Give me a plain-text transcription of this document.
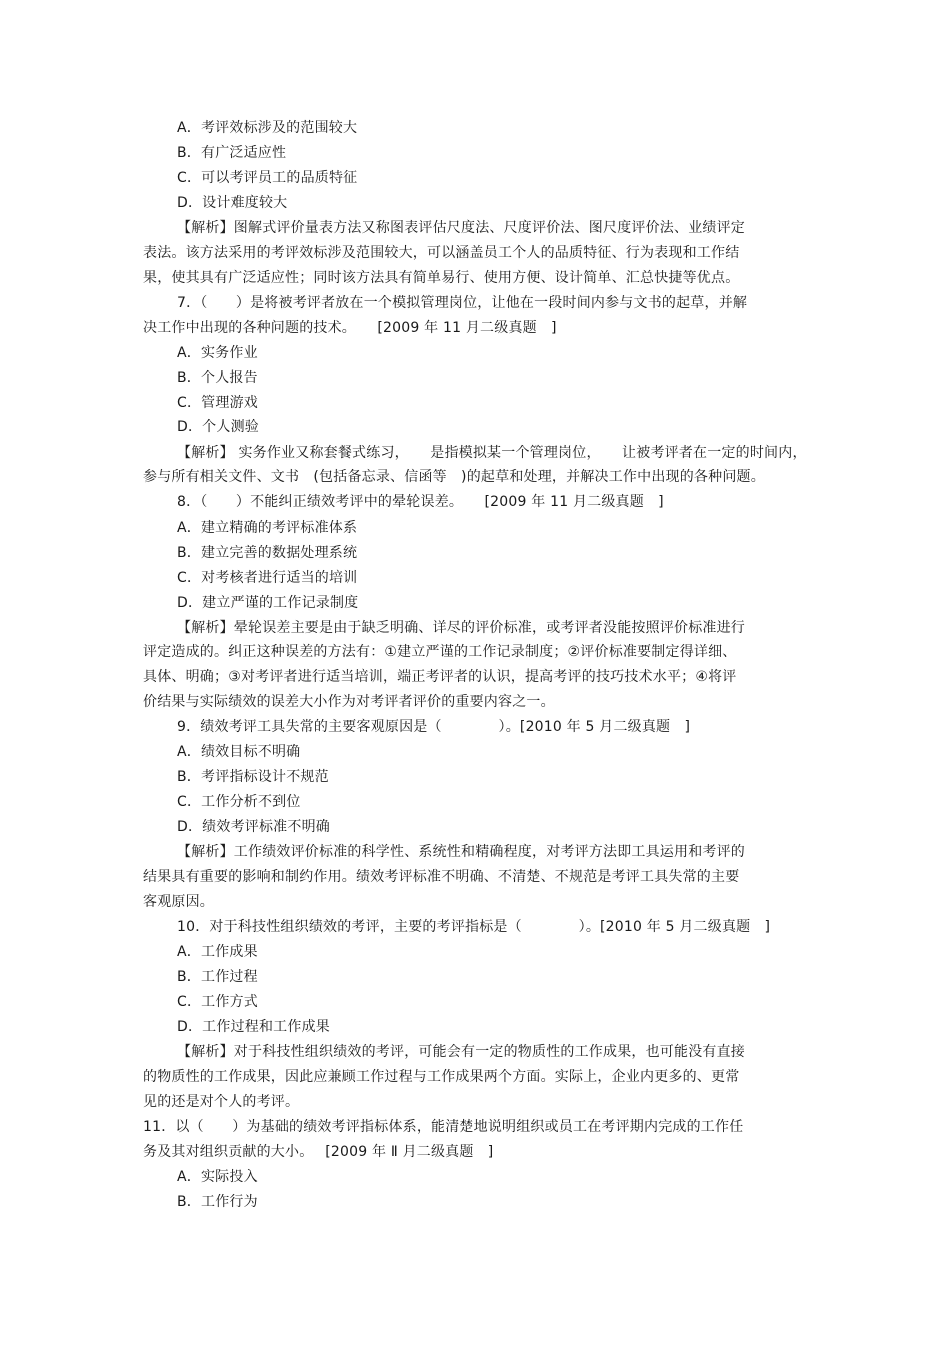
A．考评效标涉及的范围较大
B．有广泛适应性
C．可以考评员工的品质特征
D．设计难度较大
【解析】图解式评价量表方法又称图表评估尺度法、尺度评价法、图尺度评价法、业绩评定
表法。该方法采用的考评效标涉及范围较大，可以涵盖员工个人的品质特征、行为表现和工作结
果，使其具有广泛适应性；同时该方法具有简单易行、使用方便、设计简单、汇总快捷等优点。
7．（　　）是将被考评者放在一个模拟管理岗位，让他在一段时间内参与文书的起草，并解
决工作中出现的各种问题的技术。　　[2009 年 11 月二级真题　]
A．实务作业
B．个人报告
C．管理游戏
D．个人测验
【解析】 实务作业又称套餐式练习，　　是指模拟某一个管理岗位，　　让被考评者在一定的时间内，
参与所有相关文件、文书　(包括备忘录、信函等　)的起草和处理，并解决工作中出现的各种问题。
8．（　　）不能纠正绩效考评中的晕轮误差。　　[2009 年 11 月二级真题　]
A．建立精确的考评标准体系
B．建立完善的数据处理系统
C．对考核者进行适当的培训
D．建立严谨的工作记录制度
【解析】晕轮误差主要是由于缺乏明确、详尽的评价标准，或考评者没能按照评价标准进行
评定造成的。纠正这种误差的方法有：①建立严谨的工作记录制度；②评价标准要制定得详细、
具体、明确；③对考评者进行适当培训，端正考评者的认识，提高考评的技巧技术水平；④将评
价结果与实际绩效的误差大小作为对考评者评价的重要内容之一。
9．绩效考评工具失常的主要客观原因是（　　　　）。[2010 年 5 月二级真题　]
A．绩效目标不明确
B．考评指标设计不规范
C．工作分析不到位
D．绩效考评标准不明确
【解析】工作绩效评价标准的科学性、系统性和精确程度，对考评方法即工具运用和考评的
结果具有重要的影响和制约作用。绩效考评标准不明确、不清楚、不规范是考评工具失常的主要
客观原因。
10．对于科技性组织绩效的考评，主要的考评指标是（　　　　）。[2010 年 5 月二级真题　]
A．工作成果
B．工作过程
C．工作方式
D．工作过程和工作成果
【解析】对于科技性组织绩效的考评，可能会有一定的物质性的工作成果，也可能没有直接
的物质性的工作成果，因此应兼顾工作过程与工作成果两个方面。实际上，企业内更多的、更常
见的还是对个人的考评。
11．以（　　）为基础的绩效考评指标体系，能清楚地说明组织或员工在考评期内完成的工作任
务及其对组织贡献的大小。　 [2009 年 Ⅱ 月二级真题　]
A．实际投入
B．工作行为
